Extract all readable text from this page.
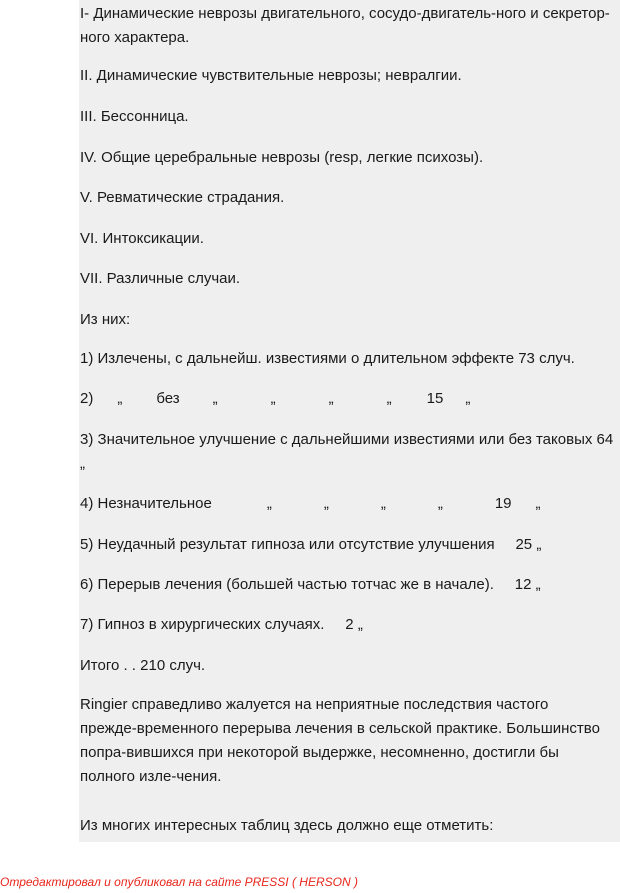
I- Динамические неврозы двигательного, сосудо-двигатель-ного и секретор-ного характера.
II. Динамические чувствительные неврозы; невралгии.
III. Бессонница.
IV. Общие церебральные неврозы (resp, легкие психозы).
V. Ревматические страдания.
VI. Интоксикации.
VII. Различные случаи.
Из них:
1) Излечены, с дальнейш. известиями о длительном эффекте 73 случ.
2) „ без „	„	„	„ 15 „
3) Значительное улучшение с дальнейшими известиями или без таковых 64 „
4) Незначительное	„	„	„	„	19 „
5) Неудачный результат гипноза или отсутствие улучшения     25 „
6) Перерыв лечения (большей частью тотчас же в начале).     12 „
7) Гипноз в хирургических случаях.     2 „
Итого . . 210 случ.
Ringier справедливо жалуется на неприятные последствия частого прежде-временного перерыва лечения в сельской практике. Большинство попра-вившихся при некоторой выдержке, несомненно, достигли бы полного изле-чения.
Из многих интересных таблиц здесь должно еще отметить:
Отредактировал и опубликовал на сайте PRESSI ( HERSON )
